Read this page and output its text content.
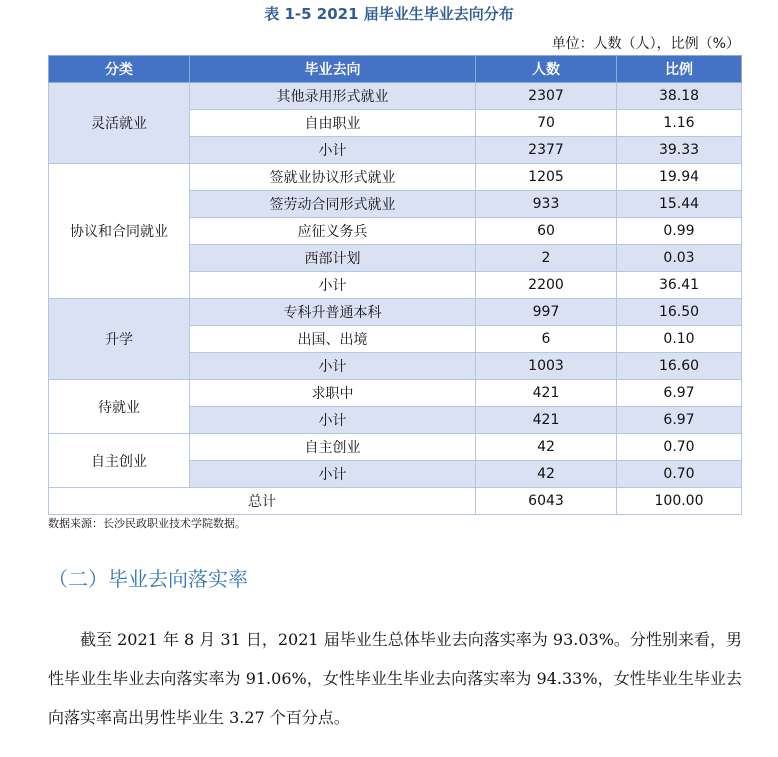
表 1-5 2021 届毕业生毕业去向分布
单位：人数（人），比例（%）
分类	毕业去向	人数	比例
灵活就业	其他录用形式就业	2307	38.18
	自由职业	70	1.16
	小计	2377	39.33
协议和合同就业	签就业协议形式就业	1205	19.94
	签劳动合同形式就业	933	15.44
	应征义务兵	60	0.99
	西部计划	2	0.03
	小计	2200	36.41
升学	专科升普通本科	997	16.50
	出国、出境	6	0.10
	小计	1003	16.60
待就业	求职中	421	6.97
	小计	421	6.97
自主创业	自主创业	42	0.70
	小计	42	0.70
总计		6043	100.00
数据来源：长沙民政职业技术学院数据。
（二）毕业去向落实率
截至 2021 年 8 月 31 日，2021 届毕业生总体毕业去向落实率为 93.03%。分性别来看，男性毕业生毕业去向落实率为 91.06%，女性毕业生毕业去向落实率为 94.33%，女性毕业生毕业去向落实率高出男性毕业生 3.27 个百分点。
